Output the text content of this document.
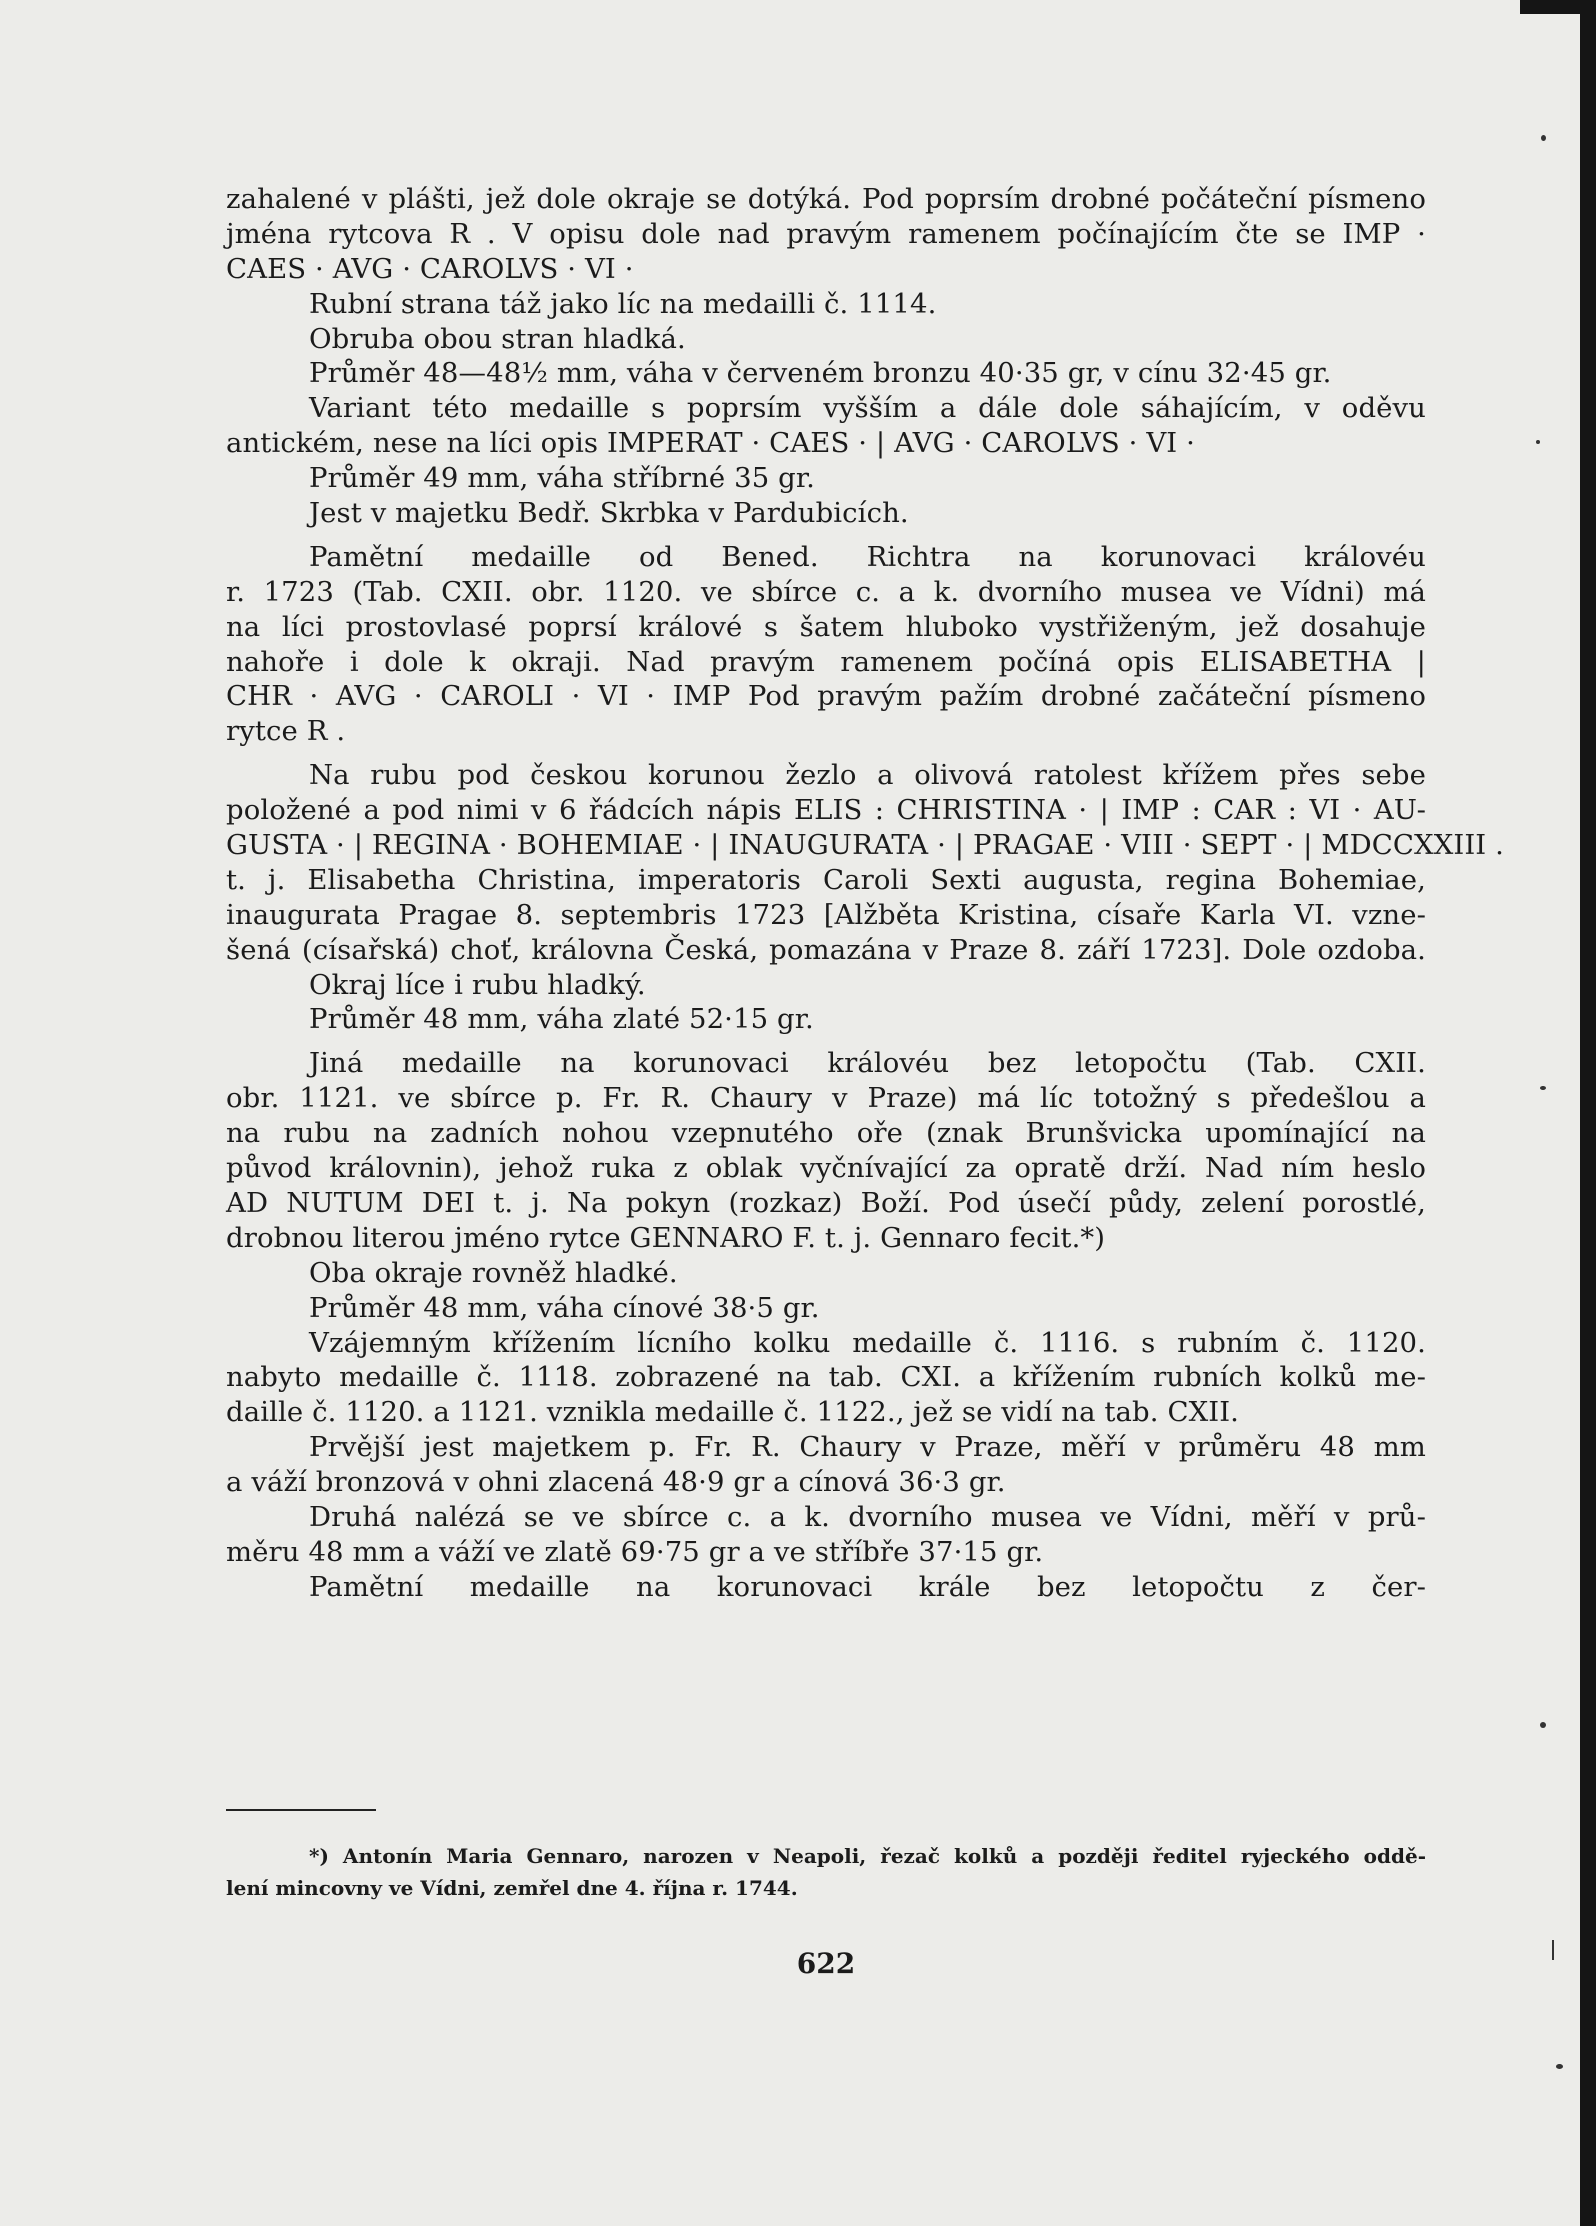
zahalené v plášti, jež dole okraje se dotýká. Pod poprsím drobné počáteční písmeno
jména rytcova R . V opisu dole nad pravým ramenem počínajícím čte se IMP ·
CAES · AVG · CAROLVS · VI ·
Rubní strana táž jako líc na medailli č. 1114.
Obruba obou stran hladká.
Průměr 48—48½ mm, váha v červeném bronzu 40·35 gr, v cínu 32·45 gr.
Variant této medaille s poprsím vyšším a dále dole sáhajícím, v oděvu
antickém, nese na líci opis IMPERAT · CAES · | AVG · CAROLVS · VI ·
Průměr 49 mm, váha stříbrné 35 gr.
Jest v majetku Bedř. Skrbka v Pardubicích.
Pamětní medaille od Bened. Richtra na korunovaci královéu
r. 1723 (Tab. CXII. obr. 1120. ve sbírce c. a k. dvorního musea ve Vídni) má
na líci prostovlasé poprsí králové s šatem hluboko vystřiženým, jež dosahuje
nahoře i dole k okraji. Nad pravým ramenem počíná opis ELISABETHA |
CHR · AVG · CAROLI · VI · IMP Pod pravým pažím drobné začáteční písmeno
rytce R .
Na rubu pod českou korunou žezlo a olivová ratolest křížem přes sebe
položené a pod nimi v 6 řádcích nápis ELIS : CHRISTINA · | IMP : CAR : VI · AU-
GUSTA · | REGINA · BOHEMIAE · | INAUGURATA · | PRAGAE · VIII · SEPT · | MDCCXXIII .
t. j. Elisabetha Christina, imperatoris Caroli Sexti augusta, regina Bohemiae,
inaugurata Pragae 8. septembris 1723 [Alžběta Kristina, císaře Karla VI. vzne-
šená (císařská) choť, královna Česká, pomazána v Praze 8. září 1723]. Dole ozdoba.
Okraj líce i rubu hladký.
Průměr 48 mm, váha zlaté 52·15 gr.
Jiná medaille na korunovaci královéu bez letopočtu (Tab. CXII.
obr. 1121. ve sbírce p. Fr. R. Chaury v Praze) má líc totožný s předešlou a
na rubu na zadních nohou vzepnutého oře (znak Brunšvicka upomínající na
původ královnin), jehož ruka z oblak vyčnívající za opratě drží. Nad ním heslo
AD NUTUM DEI t. j. Na pokyn (rozkaz) Boží. Pod úsečí půdy, zelení porostlé,
drobnou literou jméno rytce GENNARO F. t. j. Gennaro fecit.*)
Oba okraje rovněž hladké.
Průměr 48 mm, váha cínové 38·5 gr.
Vzájemným křížením lícního kolku medaille č. 1116. s rubním č. 1120.
nabyto medaille č. 1118. zobrazené na tab. CXI. a křížením rubních kolků me-
daille č. 1120. a 1121. vznikla medaille č. 1122., jež se vidí na tab. CXII.
Prvější jest majetkem p. Fr. R. Chaury v Praze, měří v průměru 48 mm
a váží bronzová v ohni zlacená 48·9 gr a cínová 36·3 gr.
Druhá nalézá se ve sbírce c. a k. dvorního musea ve Vídni, měří v prů-
měru 48 mm a váží ve zlatě 69·75 gr a ve stříbře 37·15 gr.
Pamětní medaille na korunovaci krále bez letopočtu z čer-
*) Antonín Maria Gennaro, narozen v Neapoli, řezač kolků a později ředitel ryjeckého oddě-
lení mincovny ve Vídni, zemřel dne 4. října r. 1744.
622
